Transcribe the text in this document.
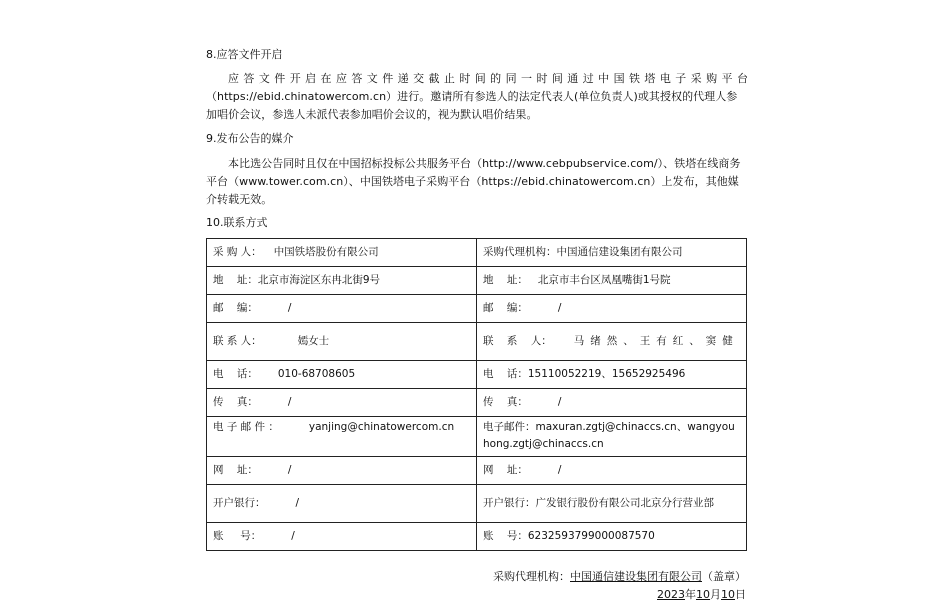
8.应答文件开启

应答文件开启在应答文件递交截止时间的同一时间通过中国铁塔电子采购平台

（https://ebid.chinatowercom.cn）进行。邀请所有参选人的法定代表人(单位负责人)或其授权的代理人参加唱价会议，参选人未派代表参加唱价会议的，视为默认唱价结果。

9.发布公告的媒介

本比选公告同时且仅在中国招标投标公共服务平台（http://www.cebpubservice.com/）、铁塔在线商务平台（www.tower.com.cn）、中国铁塔电子采购平台（https://ebid.chinatowercom.cn）上发布，其他媒介转载无效。

10.联系方式
采 购 人： 中国铁塔股份有限公司	采购代理机构：中国通信建设集团有限公司
地    址：北京市海淀区东冉北街9号	地    址： 北京市丰台区凤凰嘴街1号院
邮    编： /	邮    编： /
联 系 人： 嫣女士	联    系    人： 马绪然、王有红、窦健
电    话： 010-68708605	电    话：15110052219、15652925496
传    真： /	传    真： /
电 子 邮 件 ： yanjing@chinatowercom.cn	电子邮件：maxuran.zgtj@chinaccs.cn、wangyouhong.zgtj@chinaccs.cn
网    址： /	网    址： /
开户银行： /	开户银行：广发银行股份有限公司北京分行营业部
账     号： /	账    号：6232593799000087570
采购代理机构：中国通信建设集团有限公司（盖章）
2023年10月10日
